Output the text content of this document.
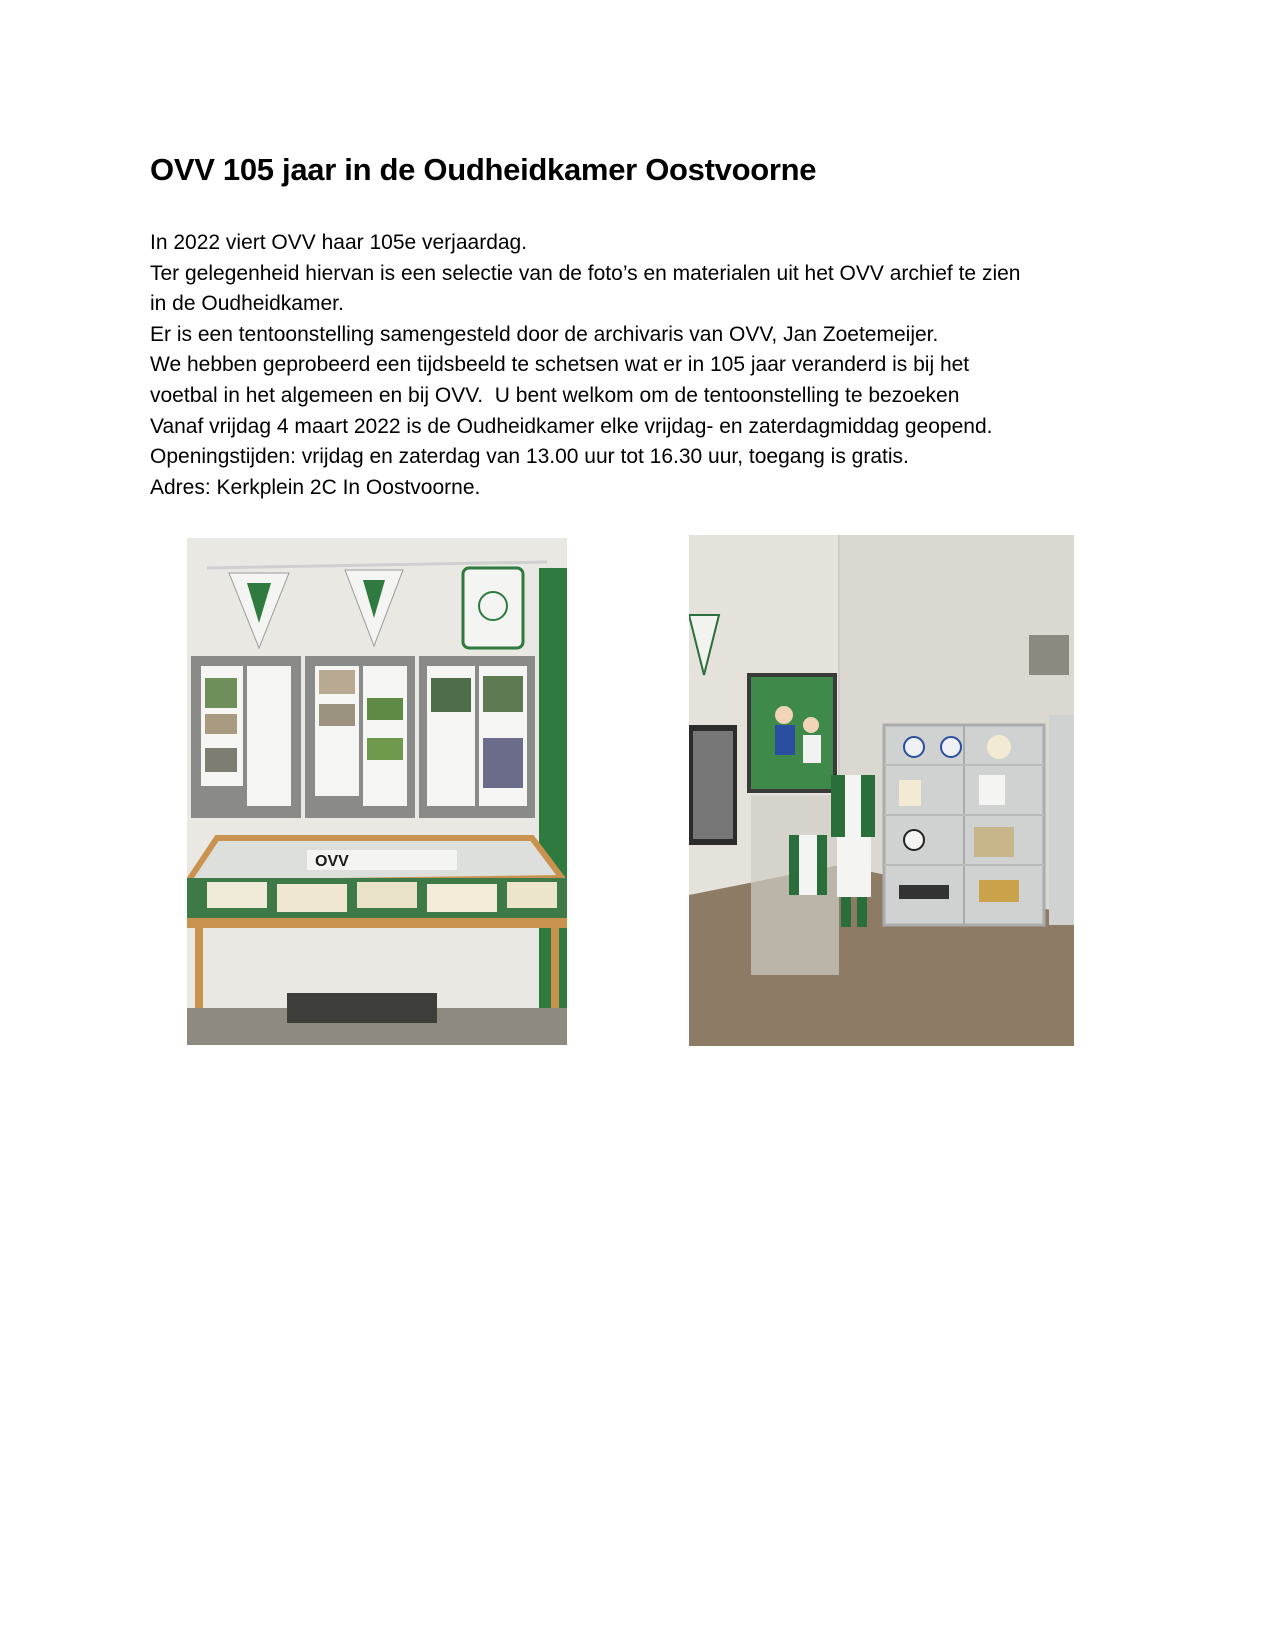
OVV 105 jaar in de Oudheidkamer Oostvoorne
In 2022 viert OVV haar 105e verjaardag.
Ter gelegenheid hiervan is een selectie van de foto’s en materialen uit het OVV archief te zien
in de Oudheidkamer.
Er is een tentoonstelling samengesteld door de archivaris van OVV, Jan Zoetemeijer.
We hebben geprobeerd een tijdsbeeld te schetsen wat er in 105 jaar veranderd is bij het
voetbal in het algemeen en bij OVV.  U bent welkom om de tentoonstelling te bezoeken
Vanaf vrijdag 4 maart 2022 is de Oudheidkamer elke vrijdag- en zaterdagmiddag geopend.
Openingstijden: vrijdag en zaterdag van 13.00 uur tot 16.30 uur, toegang is gratis.
Adres: Kerkplein 2C In Oostvoorne.
OVV
